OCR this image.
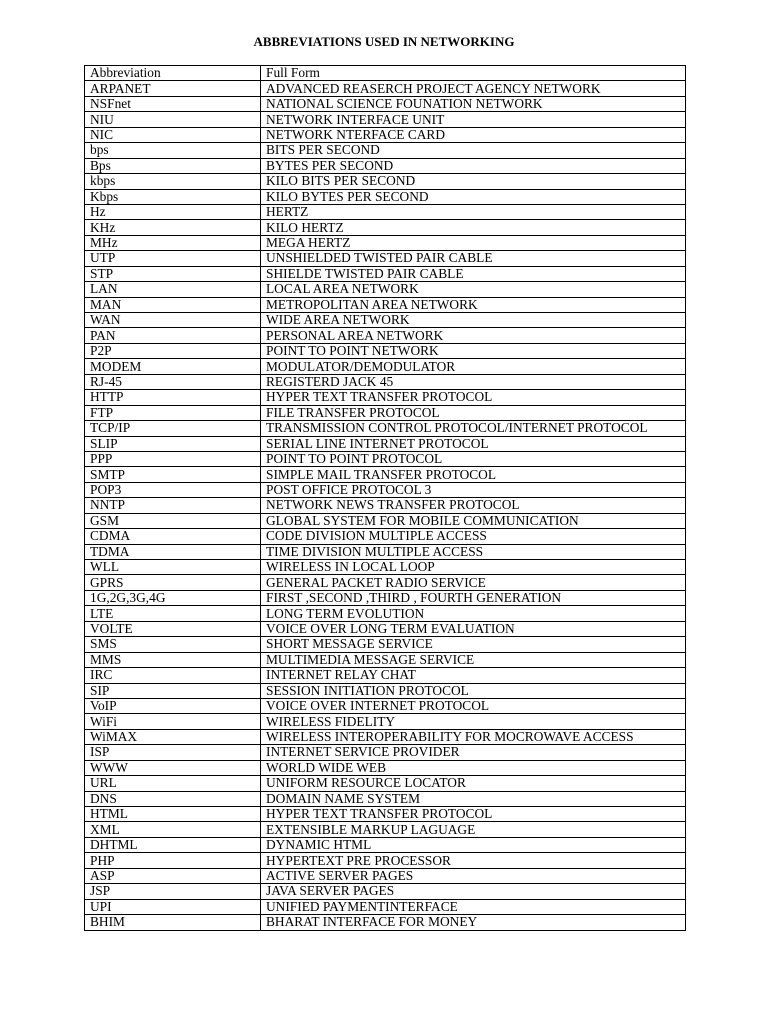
ABBREVIATIONS USED IN NETWORKING
Abbreviation	Full Form
ARPANET	ADVANCED REASERCH PROJECT AGENCY NETWORK
NSFnet	NATIONAL SCIENCE FOUNATION NETWORK
NIU	NETWORK INTERFACE UNIT
NIC	NETWORK NTERFACE CARD
bps	BITS PER SECOND
Bps	BYTES PER SECOND
kbps	KILO BITS PER SECOND
Kbps	KILO BYTES PER SECOND
Hz	HERTZ
KHz	KILO HERTZ
MHz	MEGA HERTZ
UTP	UNSHIELDED TWISTED PAIR CABLE
STP	SHIELDE TWISTED PAIR CABLE
LAN	LOCAL AREA NETWORK
MAN	METROPOLITAN AREA NETWORK
WAN	WIDE AREA NETWORK
PAN	PERSONAL AREA NETWORK
P2P	POINT TO POINT NETWORK
MODEM	MODULATOR/DEMODULATOR
RJ-45	REGISTERD JACK 45
HTTP	HYPER TEXT TRANSFER PROTOCOL
FTP	FILE TRANSFER PROTOCOL
TCP/IP	TRANSMISSION CONTROL PROTOCOL/INTERNET PROTOCOL
SLIP	SERIAL LINE INTERNET PROTOCOL
PPP	POINT TO POINT PROTOCOL
SMTP	SIMPLE MAIL TRANSFER PROTOCOL
POP3	POST OFFICE PROTOCOL 3
NNTP	NETWORK NEWS TRANSFER PROTOCOL
GSM	GLOBAL SYSTEM FOR MOBILE COMMUNICATION
CDMA	CODE DIVISION MULTIPLE ACCESS
TDMA	TIME DIVISION MULTIPLE ACCESS
WLL	WIRELESS IN LOCAL LOOP
GPRS	GENERAL PACKET RADIO SERVICE
1G,2G,3G,4G	FIRST ,SECOND ,THIRD , FOURTH GENERATION
LTE	LONG TERM EVOLUTION
VOLTE	VOICE OVER LONG TERM EVALUATION
SMS	SHORT MESSAGE SERVICE
MMS	MULTIMEDIA MESSAGE SERVICE
IRC	INTERNET RELAY CHAT
SIP	SESSION INITIATION PROTOCOL
VoIP	VOICE OVER INTERNET PROTOCOL
WiFi	WIRELESS FIDELITY
WiMAX	WIRELESS INTEROPERABILITY FOR MOCROWAVE ACCESS
ISP	INTERNET SERVICE PROVIDER
WWW	WORLD WIDE WEB
URL	UNIFORM RESOURCE LOCATOR
DNS	DOMAIN NAME SYSTEM
HTML	HYPER TEXT TRANSFER PROTOCOL
XML	EXTENSIBLE MARKUP LAGUAGE
DHTML	DYNAMIC HTML
PHP	HYPERTEXT PRE PROCESSOR
ASP	ACTIVE SERVER PAGES
JSP	JAVA SERVER PAGES
UPI	UNIFIED PAYMENTINTERFACE
BHIM	BHARAT INTERFACE FOR MONEY
